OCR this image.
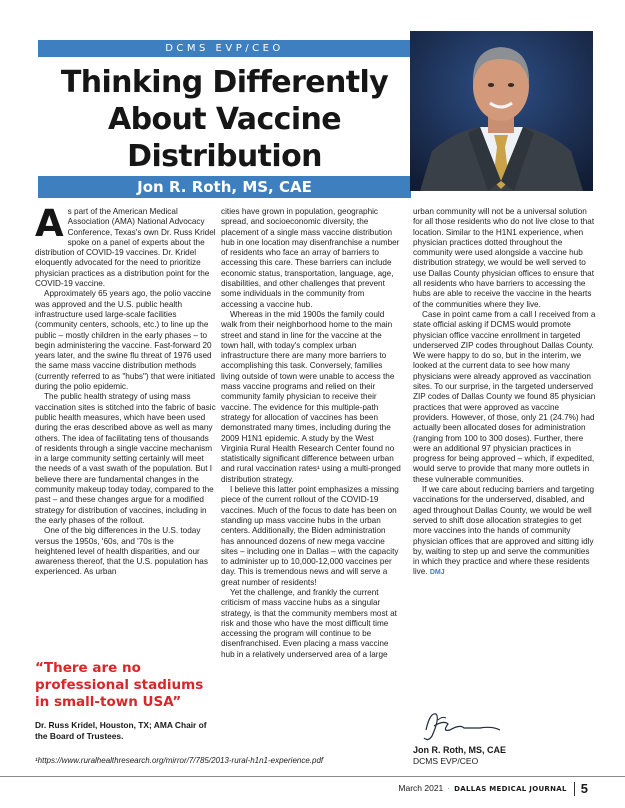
DCMS EVP/CEO
Thinking Differently About Vaccine Distribution
Jon R. Roth, MS, CAE

As part of the American Medical Association (AMA) National Advocacy Conference, Texas's own Dr. Russ Kridel spoke on a panel of experts about the distribution of COVID-19 vaccines. Dr. Kridel eloquently advocated for the need to prioritize physician practices as a distribution point for the COVID-19 vaccine.

Approximately 65 years ago, the polio vaccine was approved and the U.S. public health infrastructure used large-scale facilities (community centers, schools, etc.) to line up the public – mostly children in the early phases – to begin administering the vaccine. Fast-forward 20 years later, and the swine flu threat of 1976 used the same mass vaccine distribution methods (currently referred to as "hubs") that were initiated during the polio epidemic.

The public health strategy of using mass vaccination sites is stitched into the fabric of basic public health measures, which have been used during the eras described above as well as many others. The idea of facilitating tens of thousands of residents through a single vaccine mechanism in a large community setting certainly will meet the needs of a vast swath of the population. But I believe there are fundamental changes in the community makeup today today, compared to the past – and these changes argue for a modified strategy for distribution of vaccines, including in the early phases of the rollout.

One of the big differences in the U.S. today versus the 1950s, '60s, and '70s is the heightened level of health disparities, and our awareness thereof, that the U.S. population has experienced. As urban

cities have grown in population, geographic spread, and socioeconomic diversity, the placement of a single mass vaccine distribution hub in one location may disenfranchise a number of residents who face an array of barriers to accessing this care. These barriers can include economic status, transportation, language, age, disabilities, and other challenges that prevent some individuals in the community from accessing a vaccine hub.

Whereas in the mid 1900s the family could walk from their neighborhood home to the main street and stand in line for the vaccine at the town hall, with today's complex urban infrastructure there are many more barriers to accomplishing this task. Conversely, families living outside of town were unable to access the mass vaccine programs and relied on their community family physician to receive their vaccine. The evidence for this multiple-path strategy for allocation of vaccines has been demonstrated many times, including during the 2009 H1N1 epidemic. A study by the West Virginia Rural Health Research Center found no statistically significant difference between urban and rural vaccination rates¹ using a multi-pronged distribution strategy.

I believe this latter point emphasizes a missing piece of the current rollout of the COVID-19 vaccines. Much of the focus to date has been on standing up mass vaccine hubs in the urban centers. Additionally, the Biden administration has announced dozens of new mega vaccine sites – including one in Dallas – with the capacity to administer up to 10,000-12,000 vaccines per day. This is tremendous news and will serve a great number of residents!

Yet the challenge, and frankly the current criticism of mass vaccine hubs as a singular strategy, is that the community members most at risk and those who have the most difficult time accessing the program will continue to be disenfranchised. Even placing a mass vaccine hub in a relatively underserved area of a large

urban community will not be a universal solution for all those residents who do not live close to that location. Similar to the H1N1 experience, when physician practices dotted throughout the community were used alongside a vaccine hub distribution strategy, we would be well served to use Dallas County physician offices to ensure that all residents who have barriers to accessing the hubs are able to receive the vaccine in the hearts of the communities where they live.

Case in point came from a call I received from a state official asking if DCMS would promote physician office vaccine enrollment in targeted underserved ZIP codes throughout Dallas County. We were happy to do so, but in the interim, we looked at the current data to see how many physicians were already approved as vaccination sites. To our surprise, in the targeted underserved ZIP codes of Dallas County we found 85 physician practices that were approved as vaccine providers. However, of those, only 21 (24.7%) had actually been allocated doses for administration (ranging from 100 to 300 doses). Further, there were an additional 97 physician practices in progress for being approved – which, if expedited, would serve to provide that many more outlets in these vulnerable communities.

If we care about reducing barriers and targeting vaccinations for the underserved, disabled, and aged throughout Dallas County, we would be well served to shift dose allocation strategies to get more vaccines into the hands of community physician offices that are approved and sitting idly by, waiting to step up and serve the communities in which they practice and where these residents live. DMJ

“There are no professional stadiums in small-town USA”

Dr. Russ Kridel, Houston, TX; AMA Chair of the Board of Trustees.

Jon R. Roth, MS, CAE

DCMS EVP/CEO

¹https://www.ruralhealthresearch.org/mirror/7/785/2013-rural-h1n1-experience.pdf

March 2021 · DALLAS MEDICAL JOURNAL 5
